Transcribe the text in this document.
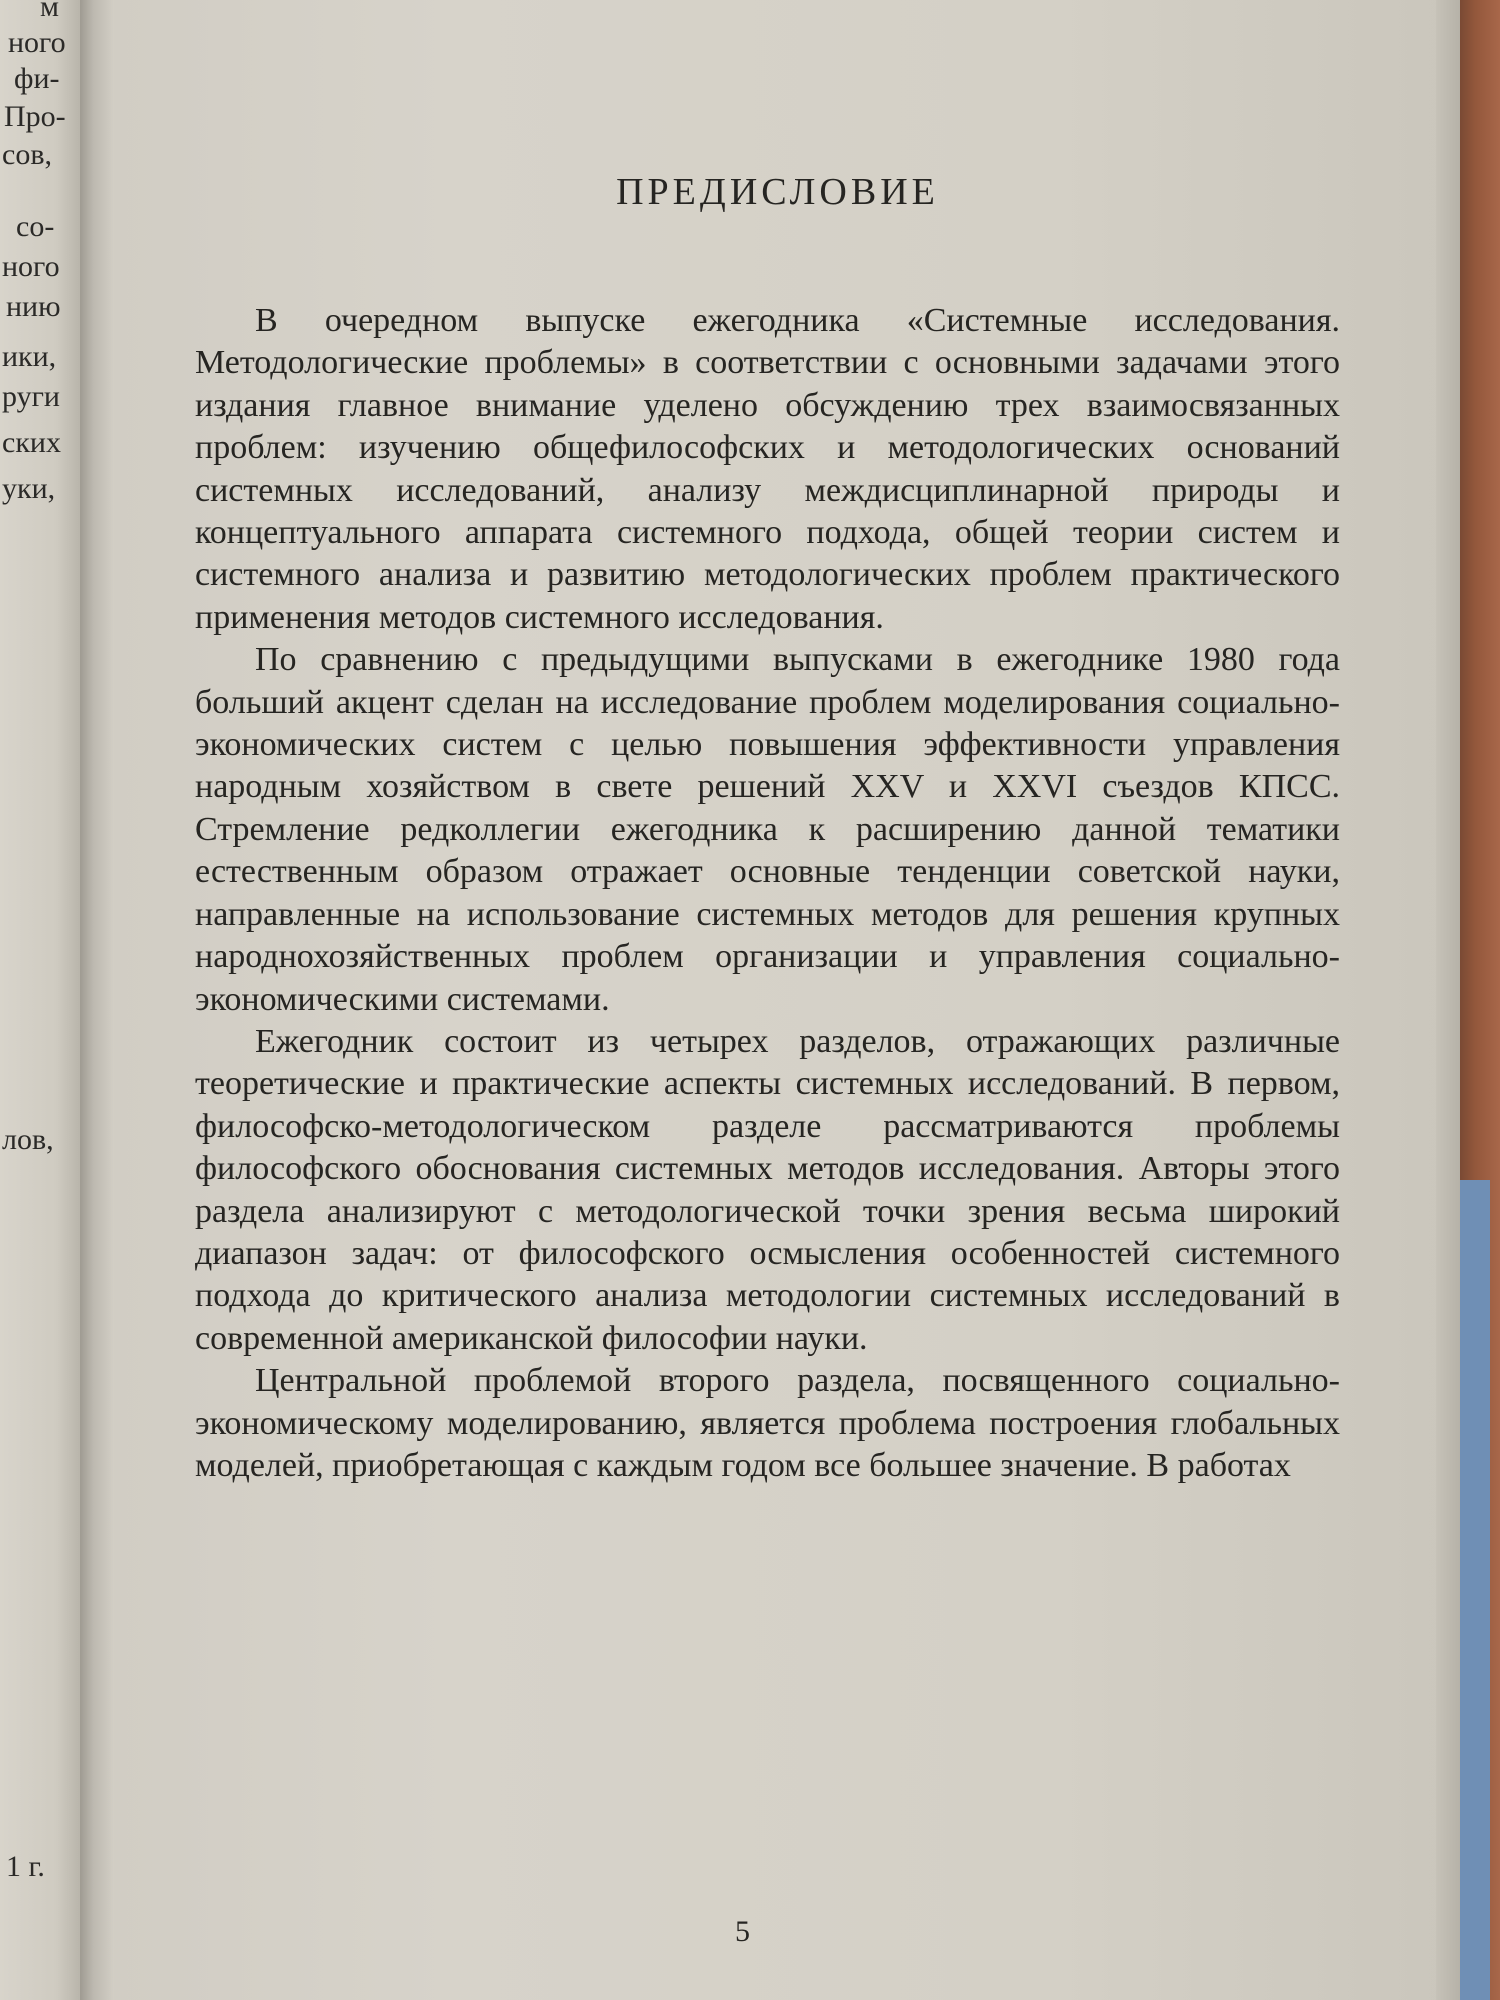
м
ного
фи-
Про-
сов,
со-
ного
нию
ики,
руги
ских
уки,
лов,
1 г.
ПРЕДИСЛОВИЕ

В очередном выпуске ежегодника «Системные исследования. Методологические проблемы» в соответствии с основными задачами этого издания главное внимание уделено обсуждению трех взаимосвязанных проблем: изучению общефилософских и методологических оснований системных исследований, анализу междисциплинарной природы и концептуального аппарата системного подхода, общей теории систем и системного анализа и развитию методологических проблем практического применения методов системного исследования.

По сравнению с предыдущими выпусками в ежегоднике 1980 года больший акцент сделан на исследование проблем моделирования социально-экономических систем с целью повышения эффективности управления народным хозяйством в свете решений XXV и XXVI съездов КПСС. Стремление редколлегии ежегодника к расширению данной тематики естественным образом отражает основные тенденции советской науки, направленные на использование системных методов для решения крупных народнохозяйственных проблем организации и управления социально-экономическими системами.

Ежегодник состоит из четырех разделов, отражающих различные теоретические и практические аспекты системных исследований. В первом, философско-методологическом разделе рассматриваются проблемы философского обоснования системных методов исследования. Авторы этого раздела анализируют с методологической точки зрения весьма широкий диапазон задач: от философского осмысления особенностей системного подхода до критического анализа методологии системных исследований в современной американской философии науки.

Центральной проблемой второго раздела, посвященного социально-экономическому моделированию, является проблема построения глобальных моделей, приобретающая с каждым годом все большее значение. В работах

5
